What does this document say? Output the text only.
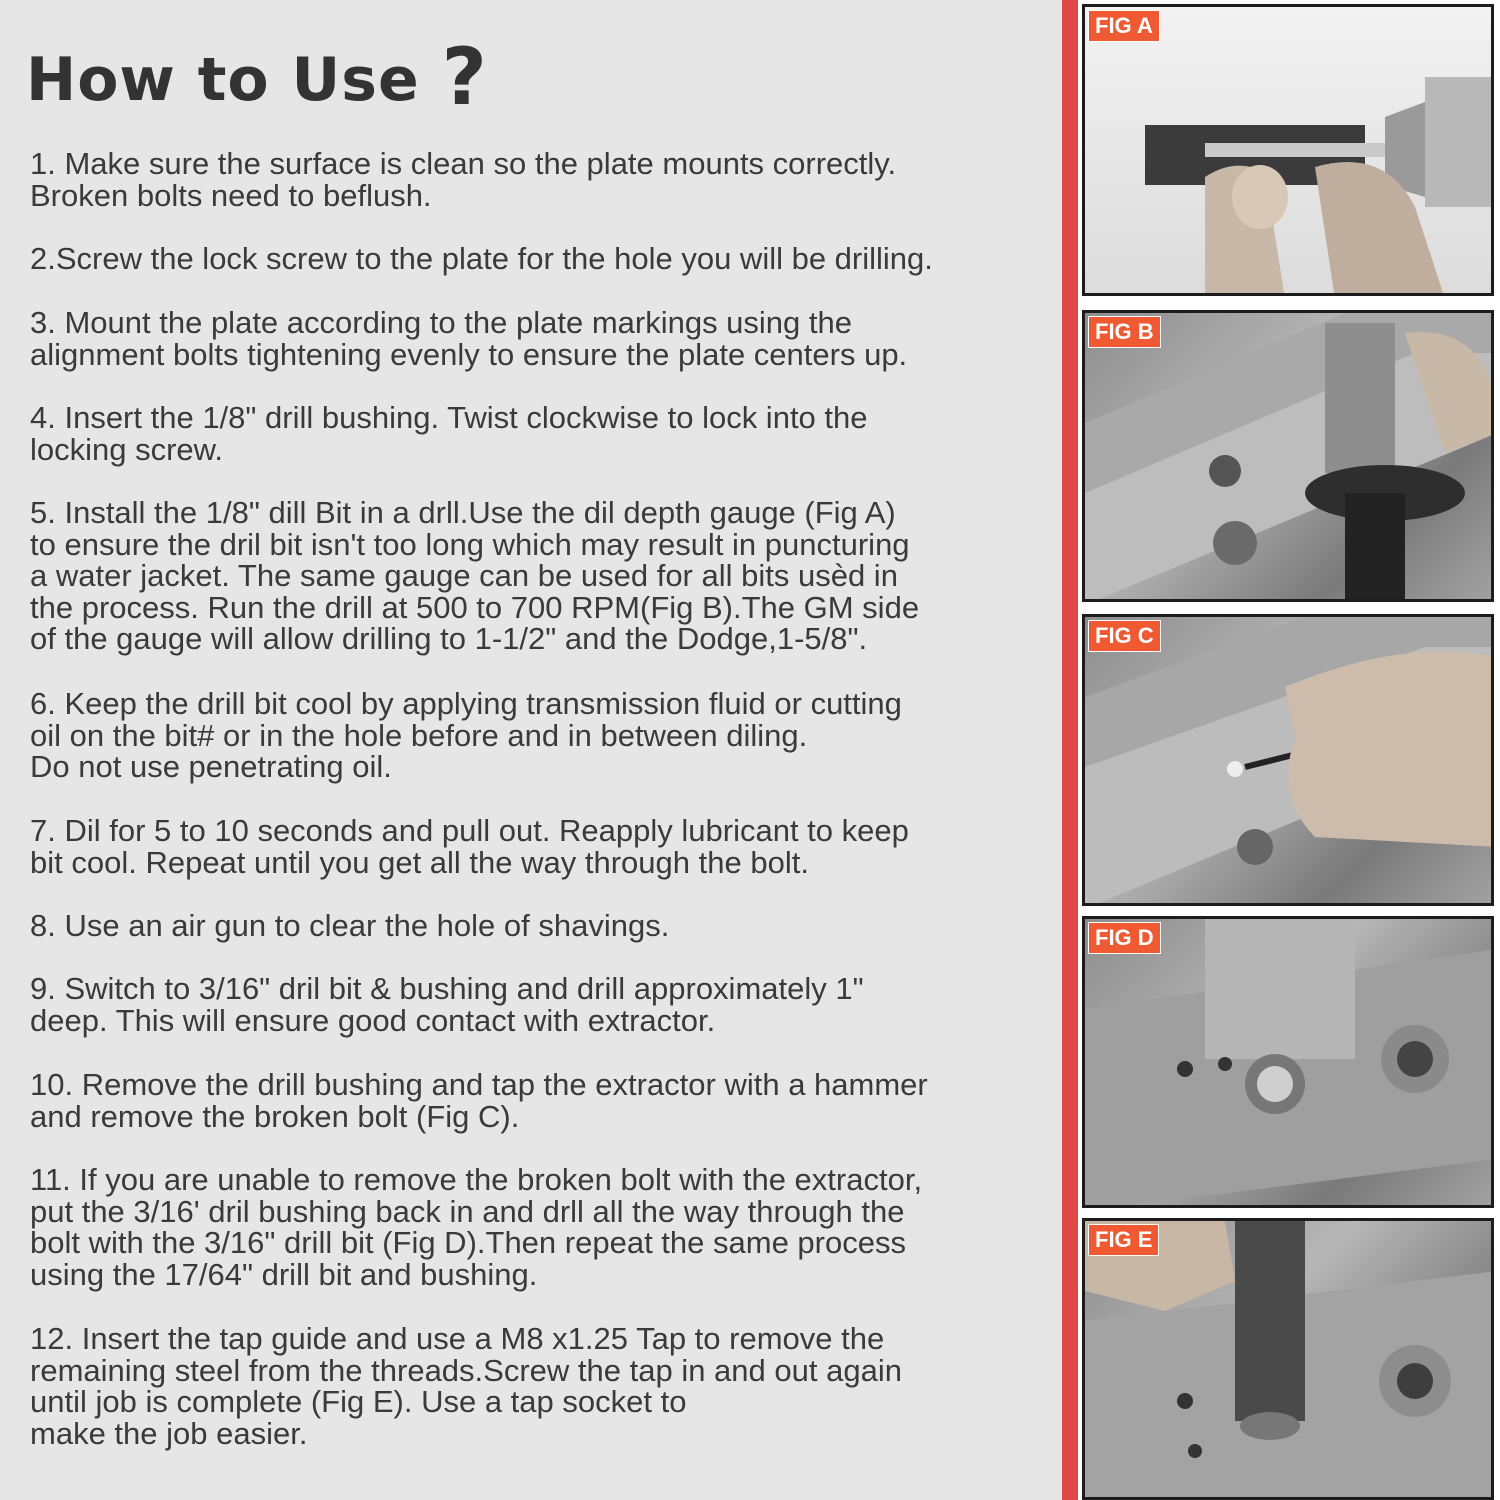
How to Use ?
1. Make sure the surface is clean so the plate mounts correctly.
Broken bolts need to beflush.
2.Screw the lock screw to the plate for the hole you will be drilling.
3. Mount the plate according to the plate markings using the
alignment bolts tightening evenly to ensure the plate centers up.
4. Insert the 1/8" drill bushing. Twist clockwise to lock into the
locking screw.
5. Install the 1/8" dill Bit in a drll.Use the dil depth gauge (Fig A)
to ensure the dril bit isn't too long which may result in puncturing
a water jacket. The same gauge can be used for all bits usèd in
the process. Run the drill at 500 to 700 RPM(Fig B).The GM side
of the gauge will allow drilling to 1-1/2" and the Dodge,1-5/8".
6. Keep the drill bit cool by applying transmission fluid or cutting
oil on the bit# or in the hole before and in between diling.
Do not use penetrating oil.
7. Dil for 5 to 10 seconds and pull out. Reapply lubricant to keep
bit cool. Repeat until you get all the way through the bolt.
8. Use an air gun to clear the hole of shavings.
9. Switch to 3/16" dril bit & bushing and drill approximately 1"
deep. This will ensure good contact with extractor.
10. Remove the drill bushing and tap the extractor with a hammer
and remove the broken bolt (Fig C).
11. If you are unable to remove the broken bolt with the extractor,
put the 3/16' dril bushing back in and drll all the way through the
bolt with the 3/16" drill bit (Fig D).Then repeat the same process
using the 17/64" drill bit and bushing.
12. Insert the tap guide and use a M8 x1.25 Tap to remove the
remaining steel from the threads.Screw the tap in and out again
until job is complete (Fig E). Use a tap socket to
make the job easier.
FIG A
FIG B
FIG C
FIG D
FIG E
